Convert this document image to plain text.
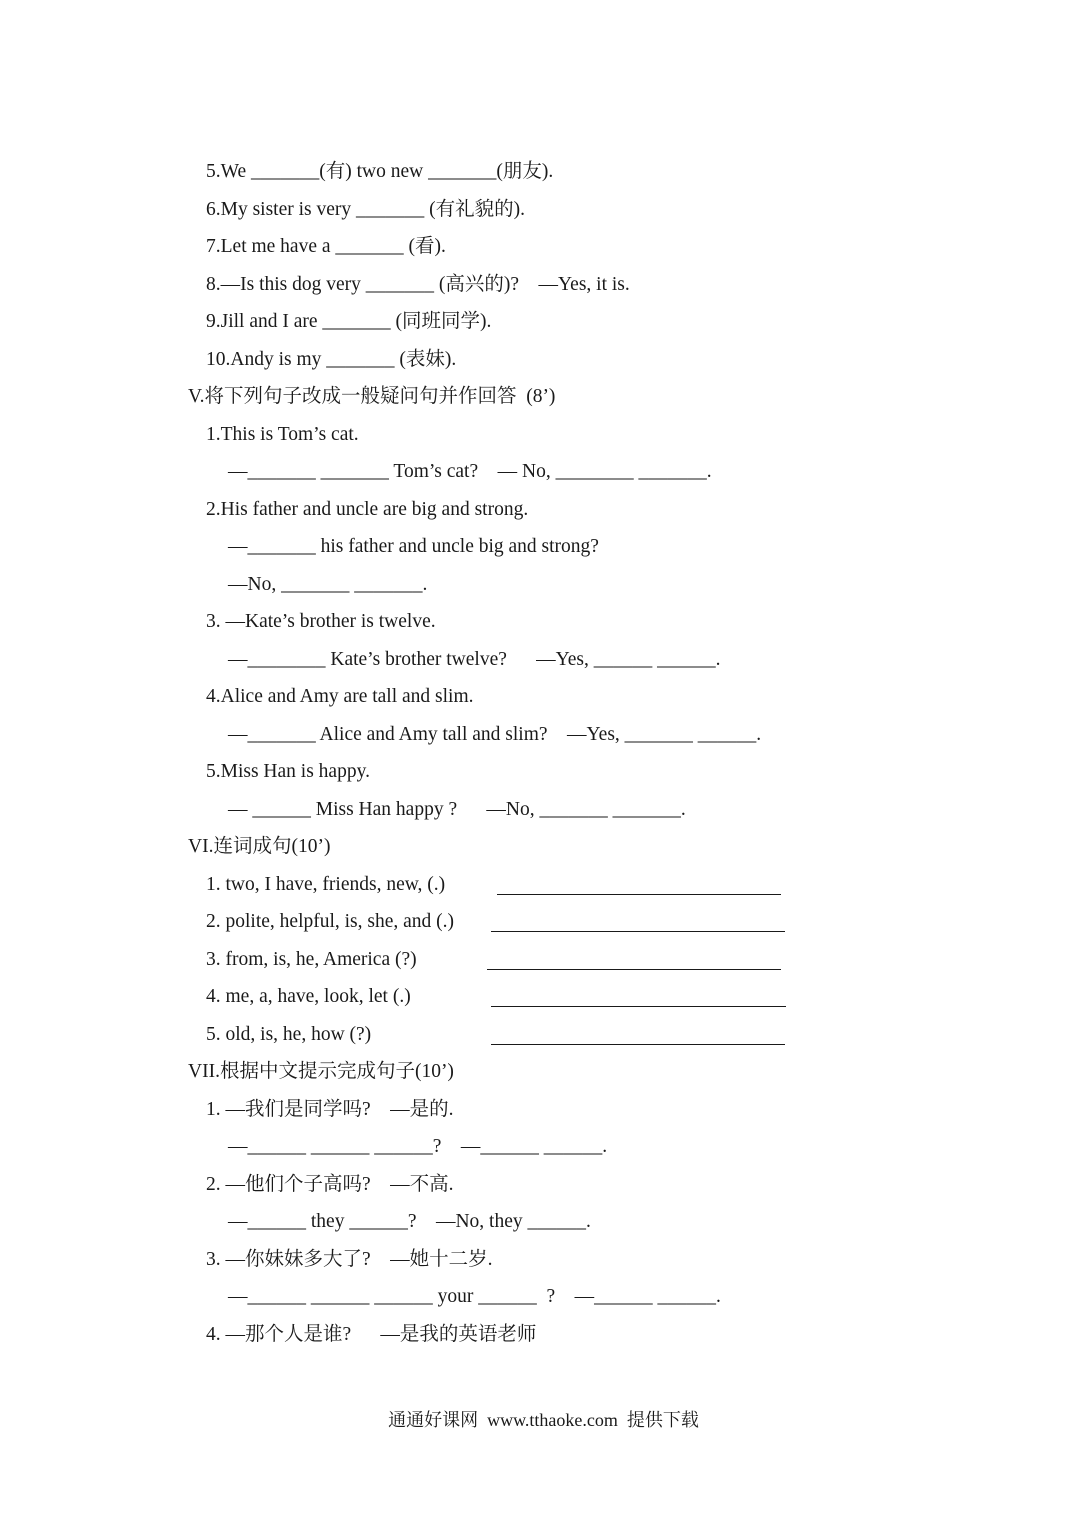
5.We _______(有) two new _______(朋友).
6.My sister is very _______ (有礼貌的).
7.Let me have a _______ (看).
8.—Is this dog very _______ (高兴的)?    —Yes, it is.
9.Jill and I are _______ (同班同学).
10.Andy is my _______ (表妹).
V.将下列句子改成一般疑问句并作回答  (8’)
1.This is Tom’s cat.
—_______ _______ Tom’s cat?    — No, ________ _______.
2.His father and uncle are big and strong.
—_______ his father and uncle big and strong?
—No, _______ _______.
3. —Kate’s brother is twelve.
—________ Kate’s brother twelve?      —Yes, ______ ______.
4.Alice and Amy are tall and slim.
—_______ Alice and Amy tall and slim?    —Yes, _______ ______.
5.Miss Han is happy.
— ______ Miss Han happy ?      —No, _______ _______.
VI.连词成句(10’)
1. two, I have, friends, new, (.)
2. polite, helpful, is, she, and (.)
3. from, is, he, America (?)
4. me, a, have, look, let (.)
5. old, is, he, how (?)
VII.根据中文提示完成句子(10’)
1. —我们是同学吗?    —是的.
—______ ______ ______?    —______ ______.
2. —他们个子高吗?    —不高.
—______ they ______?    —No, they ______.
3. —你妹妹多大了?    —她十二岁.
—______ ______ ______ your ______  ?    —______ ______.
4. —那个人是谁?      —是我的英语老师
通通好课网  www.tthaoke.com  提供下载
